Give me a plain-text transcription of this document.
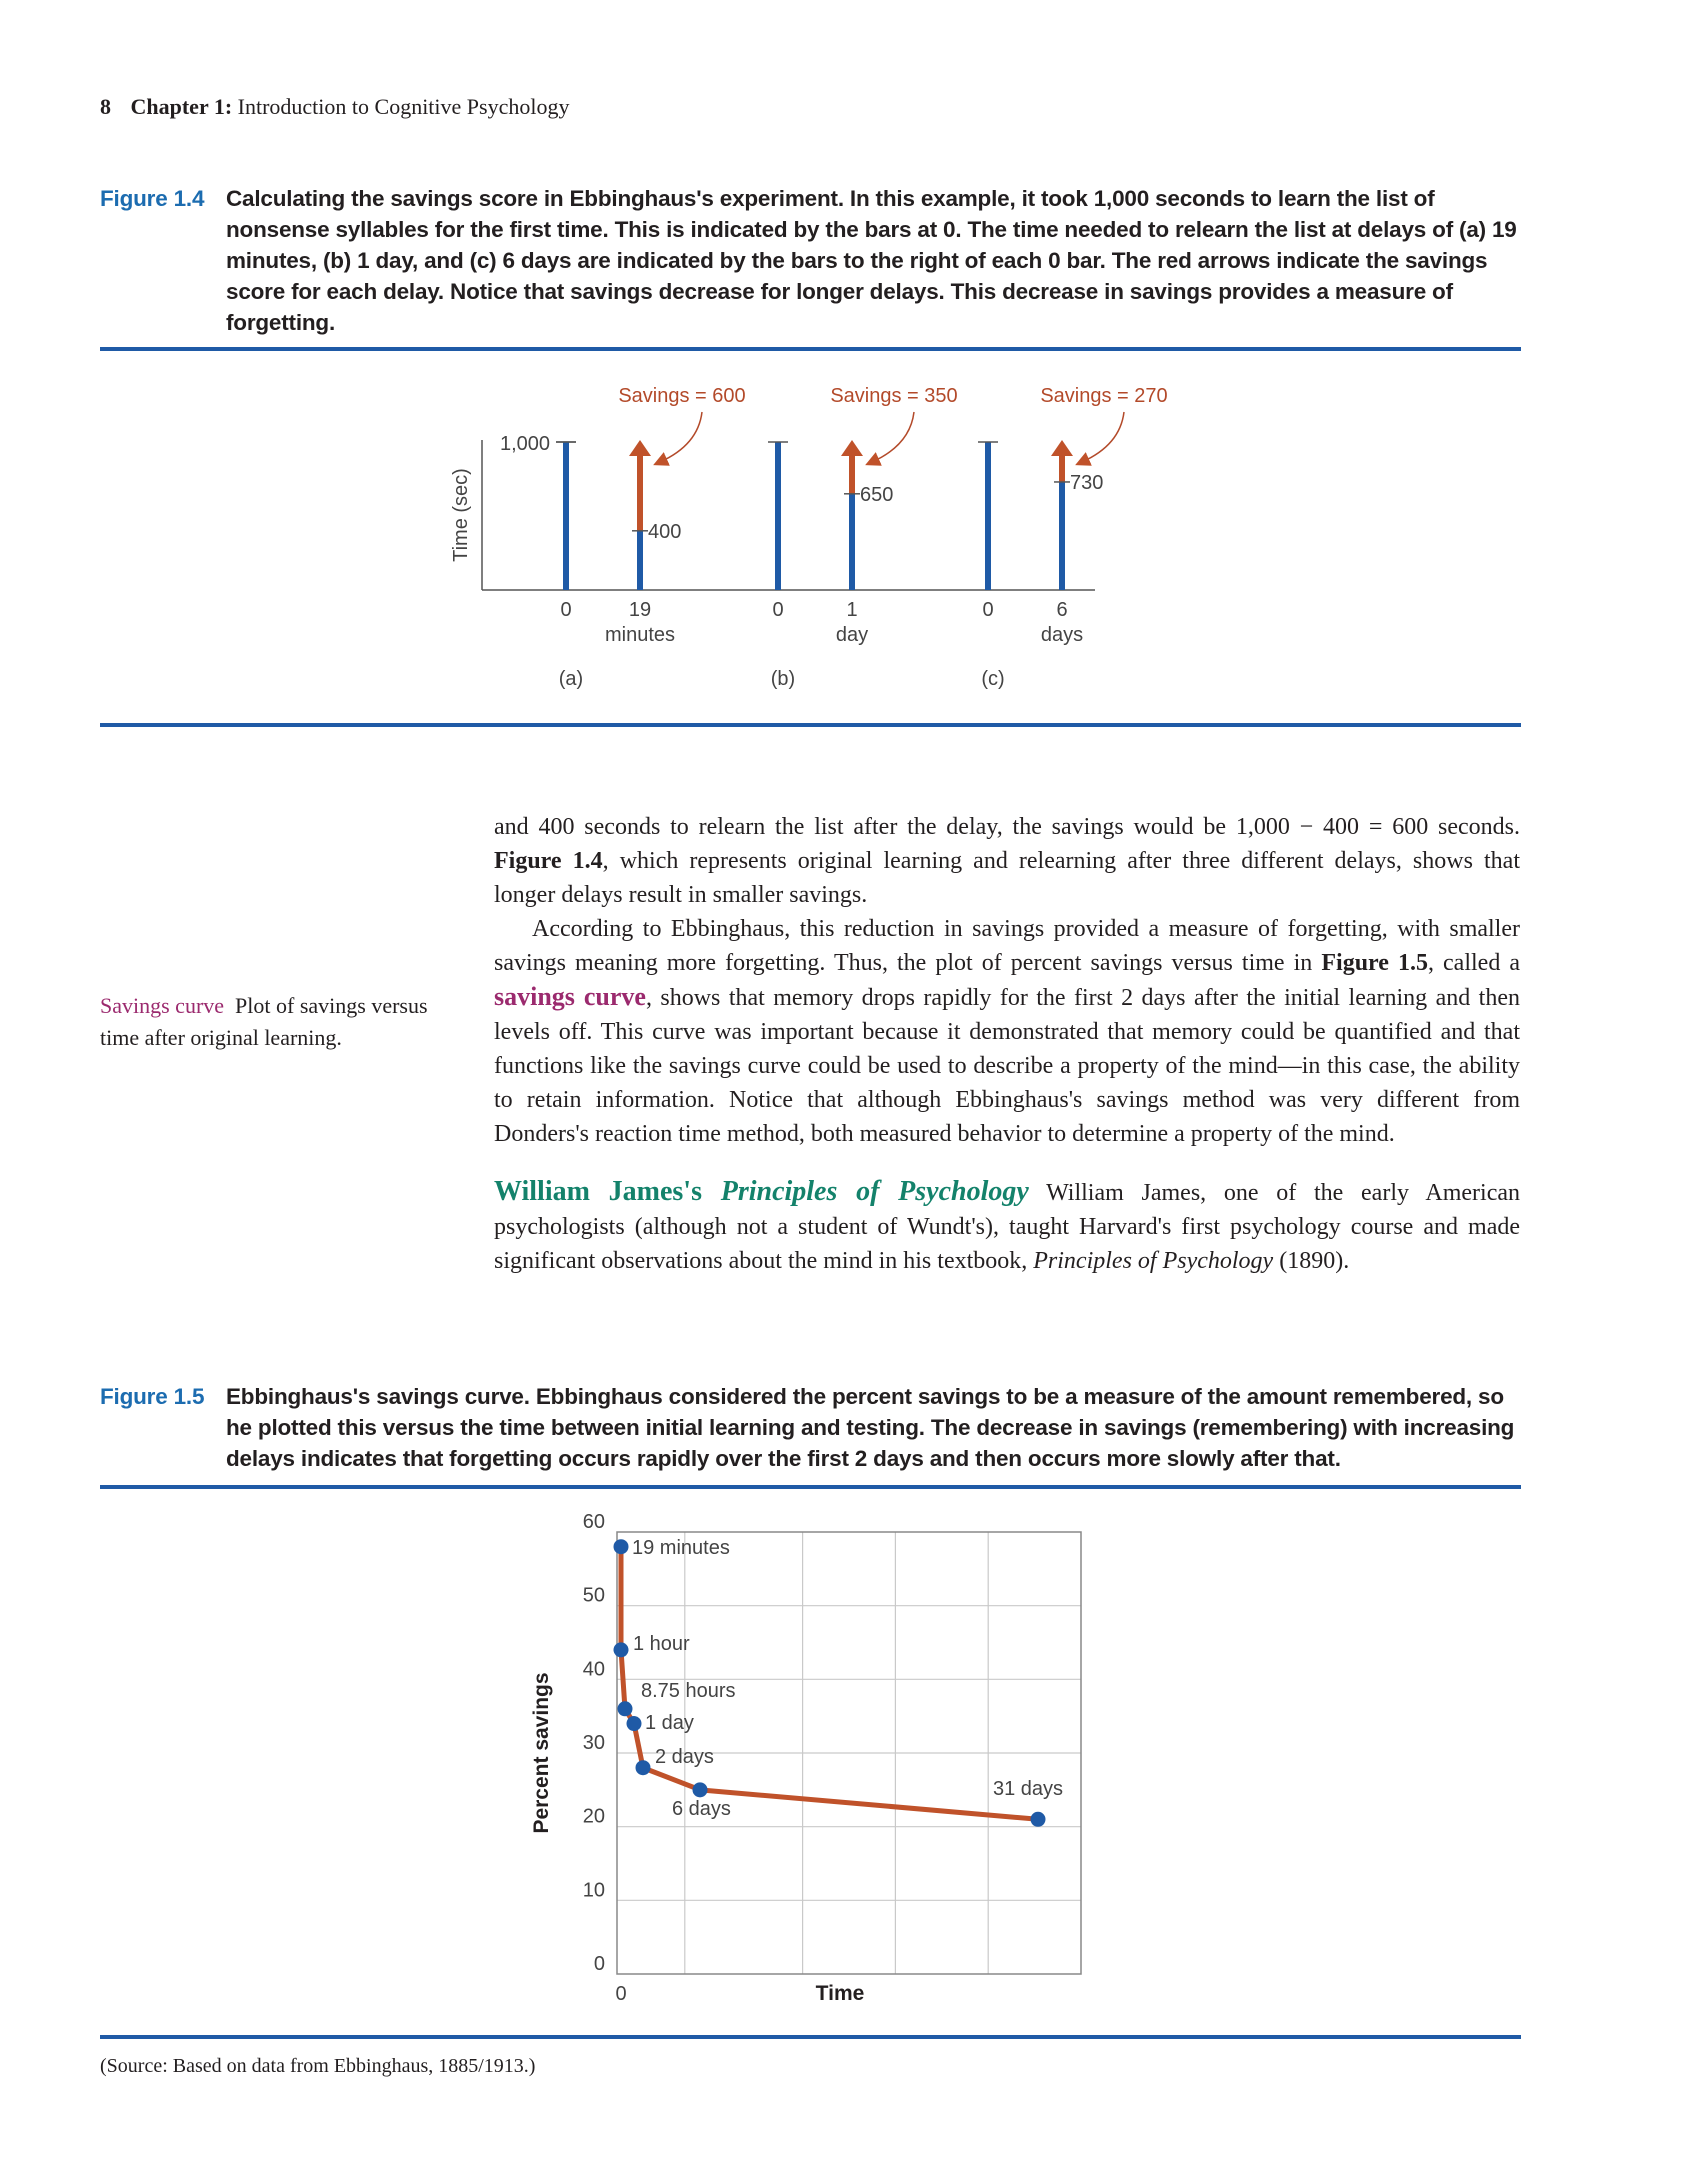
8 Chapter 1: Introduction to Cognitive Psychology
Figure 1.4 Calculating the savings score in Ebbinghaus's experiment. In this example, it took 1,000 seconds to learn the list of nonsense syllables for the first time. This is indicated by the bars at 0. The time needed to relearn the list at delays of (a) 19 minutes, (b) 1 day, and (c) 6 days are indicated by the bars to the right of each 0 bar. The red arrows indicate the savings score for each delay. Notice that savings decrease for longer delays. This decrease in savings provides a measure of forgetting.
1,000
Time (sec)	400
Savings = 600
0	19
minutes
(a)
650
Savings = 350
0	1
day
(b)
730
Savings = 270
0	6
days
(c)

and 400 seconds to relearn the list after the delay, the savings would be 1,000 − 400 = 600 seconds. Figure 1.4, which represents original learning and relearning after three different delays, shows that longer delays result in smaller savings.

According to Ebbinghaus, this reduction in savings provided a measure of forgetting, with smaller savings meaning more forgetting. Thus, the plot of percent savings versus time in Figure 1.5, called a savings curve, shows that memory drops rapidly for the first 2 days after the initial learning and then levels off. This curve was important because it demonstrated that memory could be quantified and that functions like the savings curve could be used to describe a property of the mind—in this case, the ability to retain information. Notice that although Ebbinghaus's savings method was very different from Donders's reaction time method, both measured behavior to determine a property of the mind.

William James's Principles of Psychology William James, one of the early American psychologists (although not a student of Wundt's), taught Harvard's first psychology course and made significant observations about the mind in his textbook, Principles of Psychology (1890).

Savings curve Plot of savings versus time after original learning.
Figure 1.5 Ebbinghaus's savings curve. Ebbinghaus considered the percent savings to be a measure of the amount remembered, so he plotted this versus the time between initial learning and testing. The decrease in savings (remembering) with increasing delays indicates that forgetting occurs rapidly over the first 2 days and then occurs more slowly after that.
0
10
20
30
40
50
60
Percent savings
Time
0
19 minutes
1 hour
8.75 hours
1 day
2 days
6 days
31 days
(Source: Based on data from Ebbinghaus, 1885/1913.)
